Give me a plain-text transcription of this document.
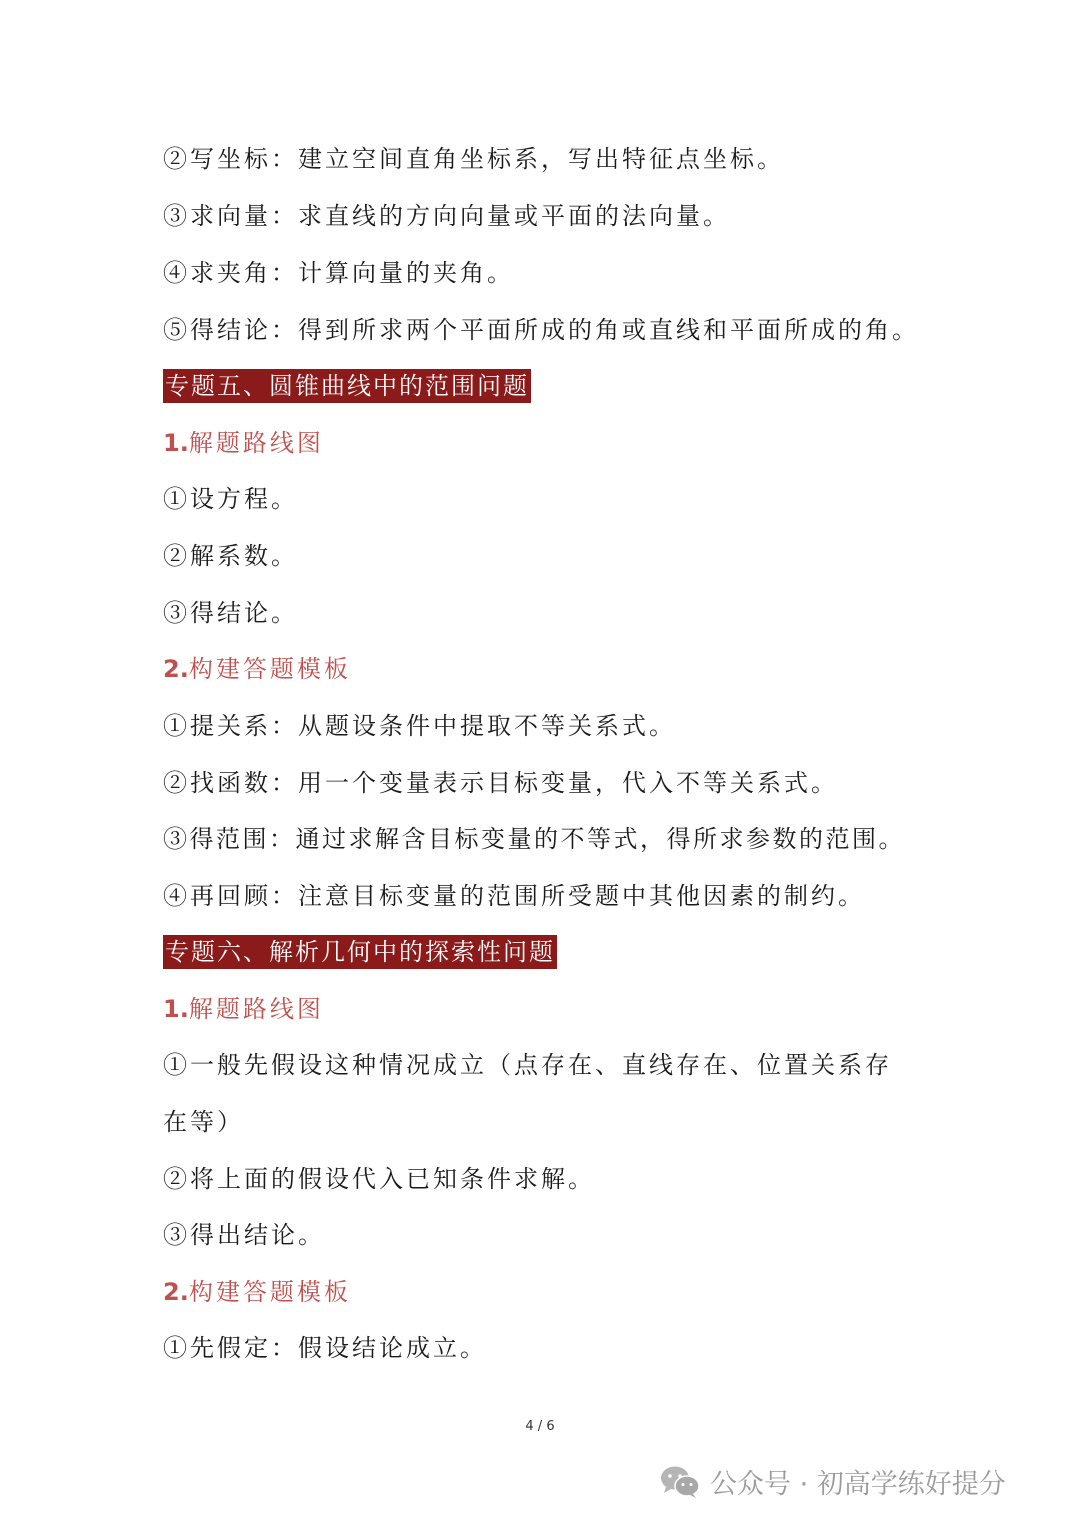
②写坐标：建立空间直角坐标系，写出特征点坐标。
③求向量：求直线的方向向量或平面的法向量。
④求夹角：计算向量的夹角。
⑤得结论：得到所求两个平面所成的角或直线和平面所成的角。
专题五、圆锥曲线中的范围问题
1.解题路线图
①设方程。
②解系数。
③得结论。
2.构建答题模板
①提关系：从题设条件中提取不等关系式。
②找函数：用一个变量表示目标变量，代入不等关系式。
③得范围：通过求解含目标变量的不等式，得所求参数的范围。
④再回顾：注意目标变量的范围所受题中其他因素的制约。
专题六、解析几何中的探索性问题
1.解题路线图
①一般先假设这种情况成立（点存在、直线存在、位置关系存
在等）
②将上面的假设代入已知条件求解。
③得出结论。
2.构建答题模板
①先假定：假设结论成立。
4 / 6
公众号 · 初高学练好提分
